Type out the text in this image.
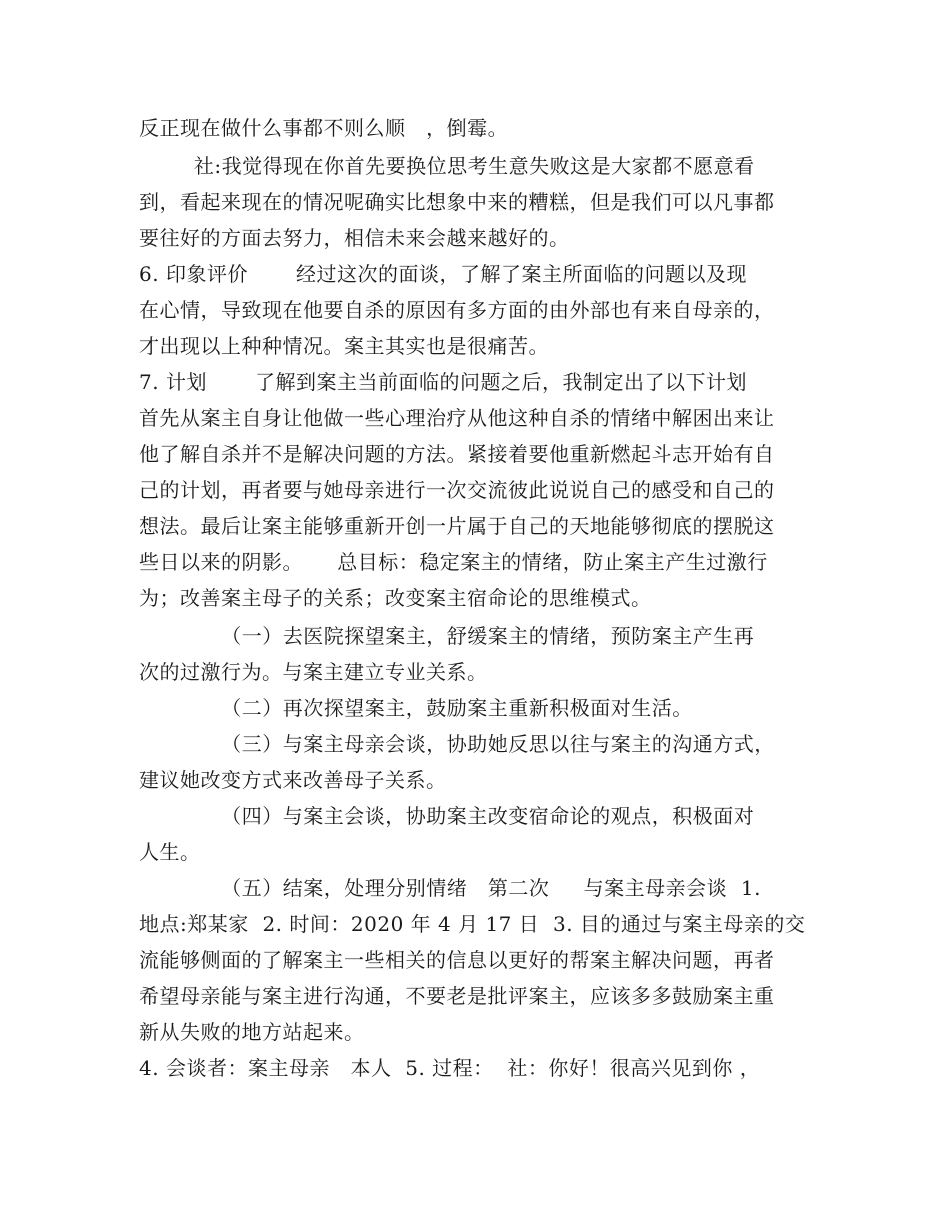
反正现在做什么事都不则么顺   ，倒霉。
社:我觉得现在你首先要换位思考生意失败这是大家都不愿意看
到，看起来现在的情况呢确实比想象中来的糟糕，但是我们可以凡事都
要往好的方面去努力，相信未来会越来越好的。
6. 印象评价       经过这次的面谈，了解了案主所面临的问题以及现
在心情，导致现在他要自杀的原因有多方面的由外部也有来自母亲的，
才出现以上种种情况。案主其实也是很痛苦。
7. 计划       了解到案主当前面临的问题之后，我制定出了以下计划
首先从案主自身让他做一些心理治疗从他这种自杀的情绪中解困出来让
他了解自杀并不是解决问题的方法。紧接着要他重新燃起斗志开始有自
己的计划，再者要与她母亲进行一次交流彼此说说自己的感受和自己的
想法。最后让案主能够重新开创一片属于自己的天地能够彻底的摆脱这
些日以来的阴影。     总目标：稳定案主的情绪，防止案主产生过激行
为；改善案主母子的关系；改变案主宿命论的思维模式。
（一）去医院探望案主，舒缓案主的情绪，预防案主产生再
次的过激行为。与案主建立专业关系。
（二）再次探望案主，鼓励案主重新积极面对生活。
（三）与案主母亲会谈，协助她反思以往与案主的沟通方式，
建议她改变方式来改善母子关系。
（四）与案主会谈，协助案主改变宿命论的观点，积极面对
人生。
（五）结案，处理分别情绪   第二次     与案主母亲会谈  1.
地点:郑某家  2. 时间：2020 年 4 月 17 日  3. 目的通过与案主母亲的交
流能够侧面的了解案主一些相关的信息以更好的帮案主解决问题，再者
希望母亲能与案主进行沟通，不要老是批评案主，应该多多鼓励案主重
新从失败的地方站起来。
4. 会谈者：案主母亲   本人  5. 过程：  社：你好！很高兴见到你 ，
